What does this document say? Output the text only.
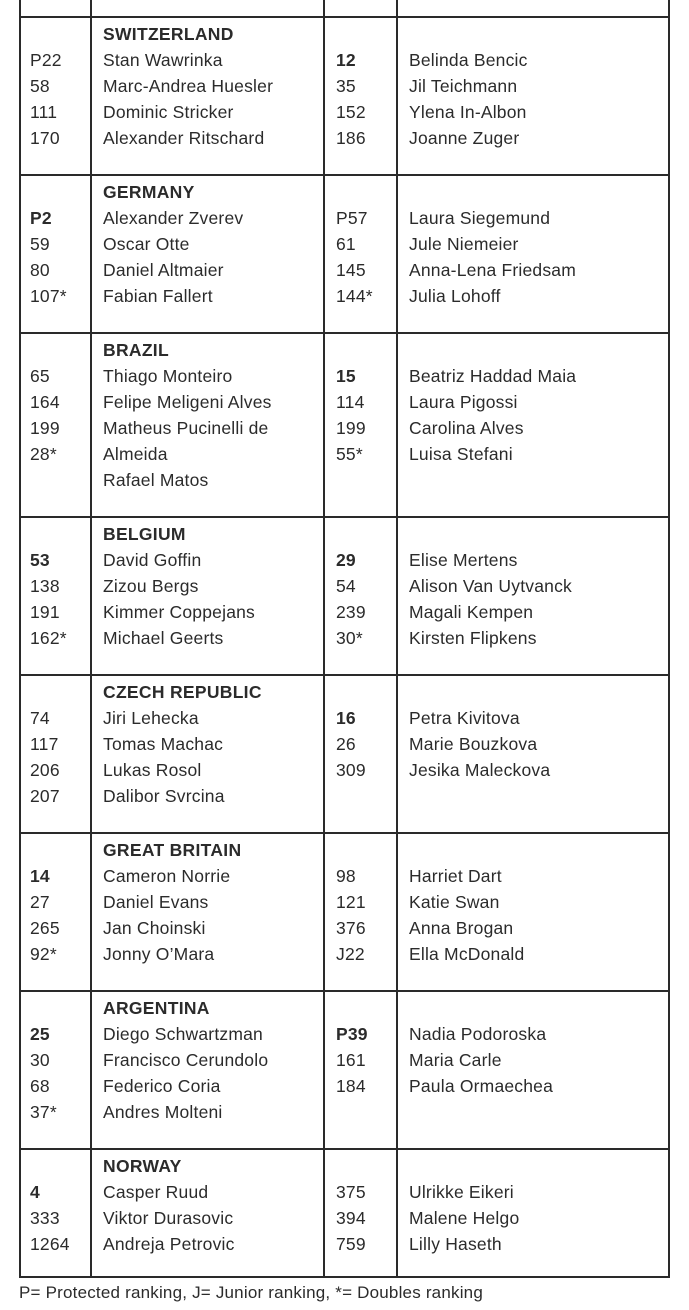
P22
58
111
170
SWITZERLAND
Stan Wawrinka
Marc-Andrea Huesler
Dominic Stricker
Alexander Ritschard
12
35
152
186
Belinda Bencic
Jil Teichmann
Ylena In-Albon
Joanne Zuger
P2
59
80
107*
GERMANY
Alexander Zverev
Oscar Otte
Daniel Altmaier
Fabian Fallert
P57
61
145
144*
Laura Siegemund
Jule Niemeier
Anna-Lena Friedsam
Julia Lohoff
65
164
199
28*
BRAZIL
Thiago Monteiro
Felipe Meligeni Alves
Matheus Pucinelli de
Almeida
Rafael Matos
15
114
199
55*
Beatriz Haddad Maia
Laura Pigossi
Carolina Alves
Luisa Stefani
53
138
191
162*
BELGIUM
David Goffin
Zizou Bergs
Kimmer Coppejans
Michael Geerts
29
54
239
30*
Elise Mertens
Alison Van Uytvanck
Magali Kempen
Kirsten Flipkens
74
117
206
207
CZECH REPUBLIC
Jiri Lehecka
Tomas Machac
Lukas Rosol
Dalibor Svrcina
16
26
309
Petra Kivitova
Marie Bouzkova
Jesika Maleckova
14
27
265
92*
GREAT BRITAIN
Cameron Norrie
Daniel Evans
Jan Choinski
Jonny O’Mara
98
121
376
J22
Harriet Dart
Katie Swan
Anna Brogan
Ella McDonald
25
30
68
37*
ARGENTINA
Diego Schwartzman
Francisco Cerundolo
Federico Coria
Andres Molteni
P39
161
184
Nadia Podoroska
Maria Carle
Paula Ormaechea
4
333
1264
NORWAY
Casper Ruud
Viktor Durasovic
Andreja Petrovic
375
394
759
Ulrikke Eikeri
Malene Helgo
Lilly Haseth
P= Protected ranking, J= Junior ranking, *= Doubles ranking
